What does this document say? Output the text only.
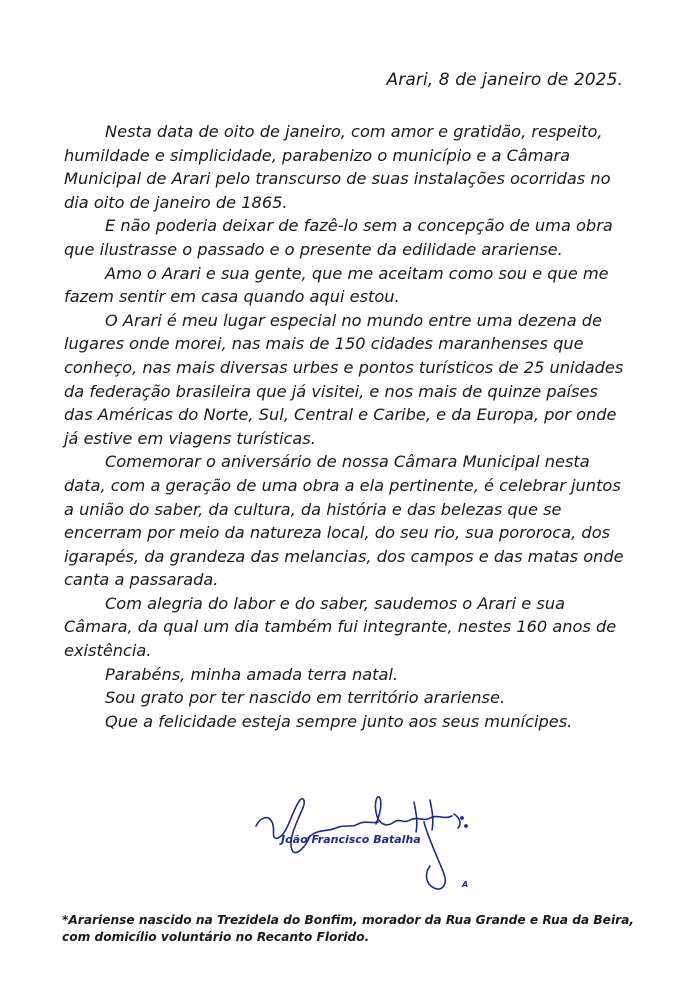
Arari, 8 de janeiro de 2025.

Nesta data de oito de janeiro, com amor e gratidão, respeito, humildade e simplicidade, parabenizo o município e a Câmara Municipal de Arari pelo transcurso de suas instalações ocorridas no dia oito de janeiro de 1865.

E não poderia deixar de fazê-lo sem a concepção de uma obra que ilustrasse o passado e o presente da edilidade arariense.

Amo o Arari e sua gente, que me aceitam como sou e que me fazem sentir em casa quando aqui estou.

O Arari é meu lugar especial no mundo entre uma dezena de lugares onde morei, nas mais de 150 cidades maranhenses que conheço, nas mais diversas urbes e pontos turísticos de 25 unidades da federação brasileira que já visitei, e nos mais de quinze países das Américas do Norte, Sul, Central e Caribe, e da Europa, por onde já estive em viagens turísticas.

Comemorar o aniversário de nossa Câmara Municipal nesta data, com a geração de uma obra a ela pertinente, é celebrar juntos a união do saber, da cultura, da história e das belezas que se encerram por meio da natureza local, do seu rio, sua pororoca, dos igarapés, da grandeza das melancias, dos campos e das matas onde canta a passarada.

Com alegria do labor e do saber, saudemos o Arari e sua Câmara, da qual um dia também fui integrante, nestes 160 anos de existência.

Parabéns, minha amada terra natal.

Sou grato por ter nascido em território arariense.

Que a felicidade esteja sempre junto aos seus munícipes.

João Francisco Batalha
A
*Arariense nascido na Trezidela do Bonfim, morador da Rua Grande e Rua da Beira, com domicílio voluntário no Recanto Florido.
